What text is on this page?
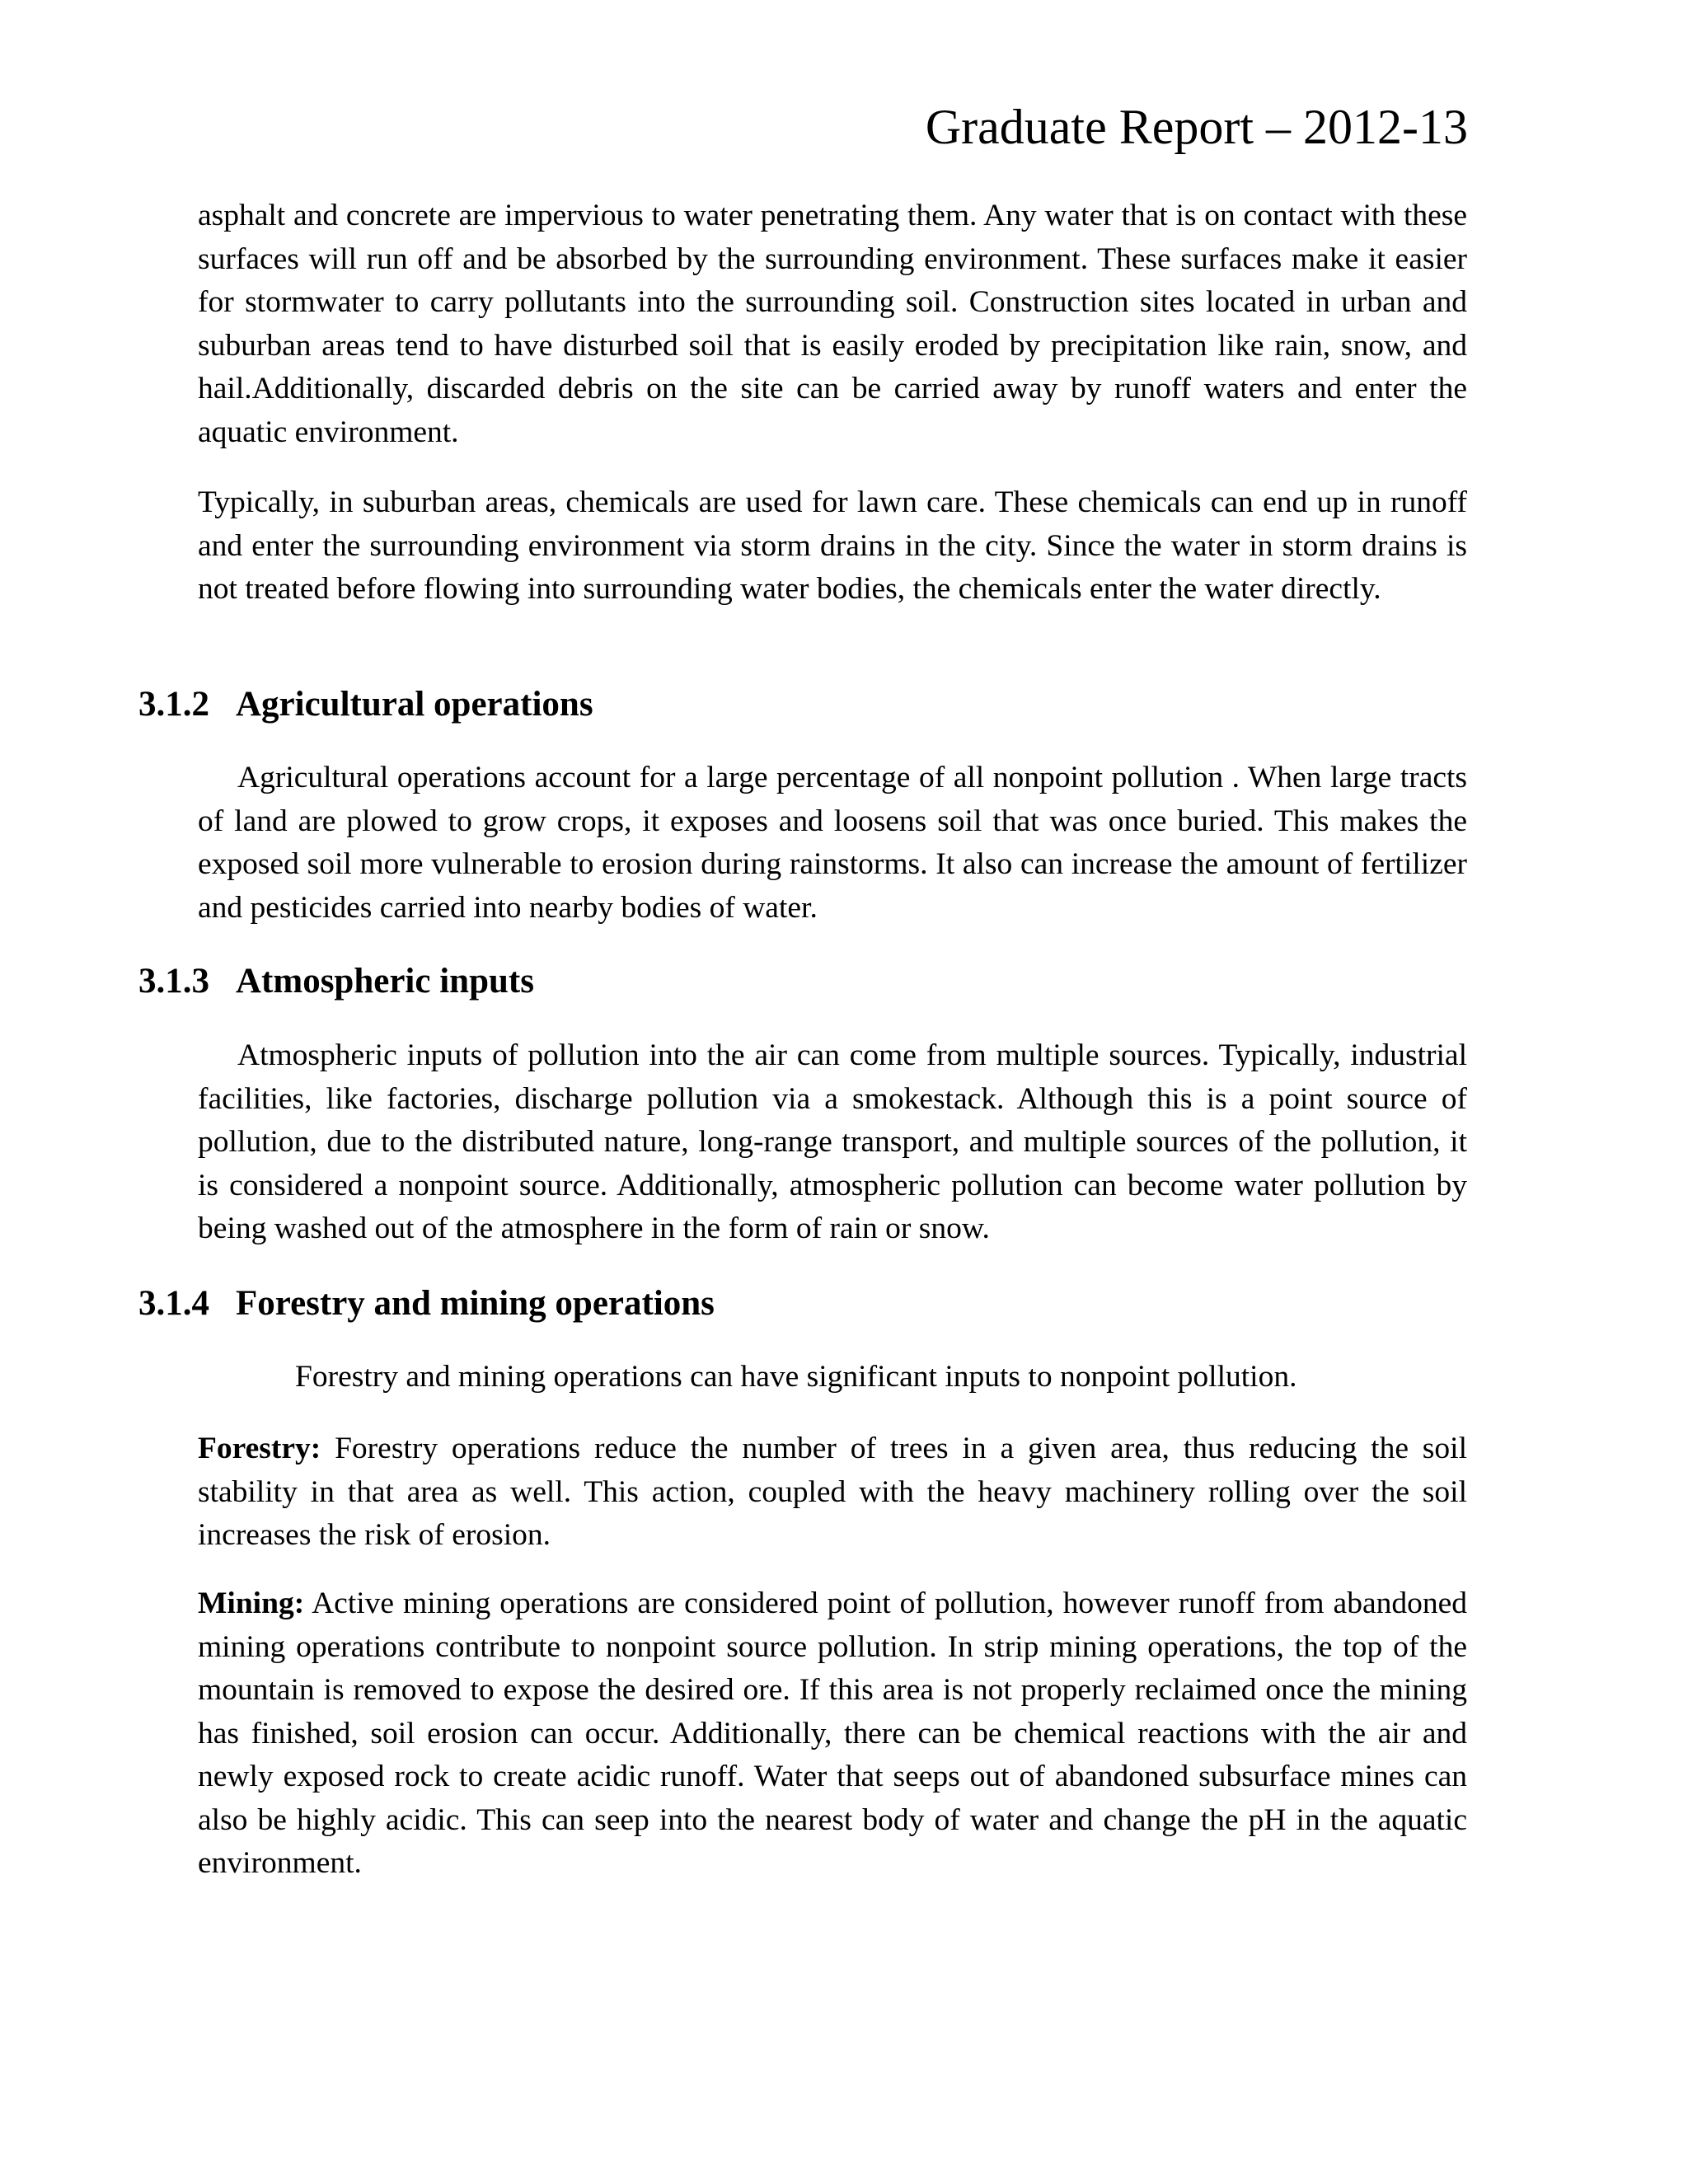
Graduate Report – 2012-13

asphalt and concrete are impervious to water penetrating them. Any water that is on contact with these surfaces will run off and be absorbed by the surrounding environment. These surfaces make it easier for stormwater to carry pollutants into the surrounding soil. Construction sites located in urban and suburban areas tend to have disturbed soil that is easily eroded by precipitation like rain, snow, and hail.Additionally, discarded debris on the site can be carried away by runoff waters and enter the aquatic environment.

Typically, in suburban areas, chemicals are used for lawn care. These chemicals can end up in runoff and enter the surrounding environment via storm drains in the city. Since the water in storm drains is not treated before flowing into surrounding water bodies, the chemicals enter the water directly.

3.1.2 Agricultural operations

Agricultural operations account for a large percentage of all nonpoint pollution . When large tracts of land are plowed to grow crops, it exposes and loosens soil that was once buried. This makes the exposed soil more vulnerable to erosion during rainstorms. It also can increase the amount of fertilizer and pesticides carried into nearby bodies of water.

3.1.3 Atmospheric inputs

Atmospheric inputs of pollution into the air can come from multiple sources. Typically, industrial facilities, like factories, discharge pollution via a smokestack. Although this is a point source of pollution, due to the distributed nature, long-range transport, and multiple sources of the pollution, it is considered a nonpoint source. Additionally, atmospheric pollution can become water pollution by being washed out of the atmosphere in the form of rain or snow.

3.1.4 Forestry and mining operations

Forestry and mining operations can have significant inputs to nonpoint pollution.

Forestry: Forestry operations reduce the number of trees in a given area, thus reducing the soil stability in that area as well. This action, coupled with the heavy machinery rolling over the soil increases the risk of erosion.

Mining: Active mining operations are considered point of pollution, however runoff from abandoned mining operations contribute to nonpoint source pollution. In strip mining operations, the top of the mountain is removed to expose the desired ore. If this area is not properly reclaimed once the mining has finished, soil erosion can occur. Additionally, there can be chemical reactions with the air and newly exposed rock to create acidic runoff. Water that seeps out of abandoned subsurface mines can also be highly acidic. This can seep into the nearest body of water and change the pH in the aquatic environment.
